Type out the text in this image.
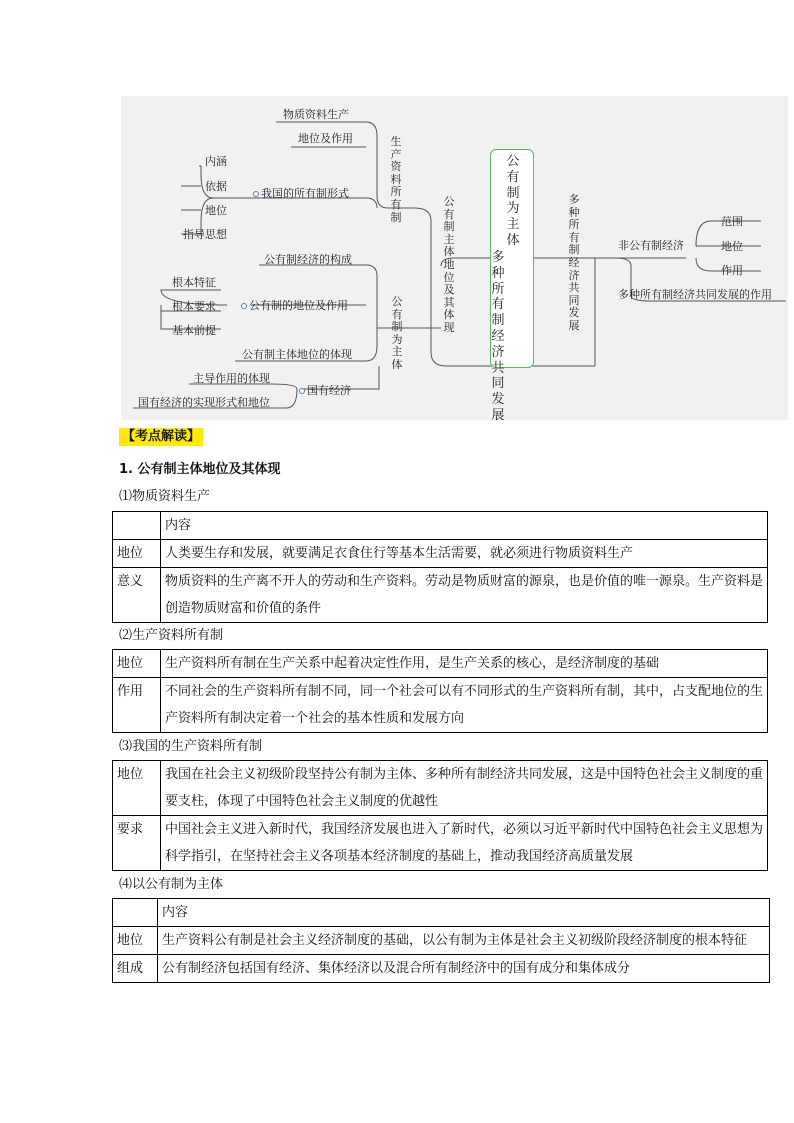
物质资料生产
地位及作用
我国的所有制形式
内涵
依据
地位
指导思想
生产资料所有制
公有制经济的构成
公有制的地位及作用
根本特征
根本要求
基本前提
公有制主体地位的体现
公有制为主体
国有经济
主导作用的体现
国有经济的实现形式和地位
公有制主体地位及其体现
公有制为主体
多种所有制经济共同发展
多种所有制经济共同发展
非公有制经济
范围
地位
作用
多种所有制经济共同发展的作用
【考点解读】
1. 公有制主体地位及其体现
⑴物质资料生产
	内容
地位	人类要生存和发展，就要满足衣食住行等基本生活需要，就必须进行物质资料生产
意义	物质资料的生产离不开人的劳动和生产资料。劳动是物质财富的源泉，也是价值的唯一源泉。生产资料是创造物质财富和价值的条件
⑵生产资料所有制
地位	生产资料所有制在生产关系中起着决定性作用，是生产关系的核心，是经济制度的基础
作用	不同社会的生产资料所有制不同，同一个社会可以有不同形式的生产资料所有制，其中，占支配地位的生产资料所有制决定着一个社会的基本性质和发展方向
⑶我国的生产资料所有制
地位	我国在社会主义初级阶段坚持公有制为主体、多种所有制经济共同发展，这是中国特色社会主义制度的重要支柱，体现了中国特色社会主义制度的优越性
要求	中国社会主义进入新时代，我国经济发展也进入了新时代，必须以习近平新时代中国特色社会主义思想为科学指引，在坚持社会主义各项基本经济制度的基础上，推动我国经济高质量发展
⑷以公有制为主体
	内容
地位	生产资料公有制是社会主义经济制度的基础，以公有制为主体是社会主义初级阶段经济制度的根本特征
组成	公有制经济包括国有经济、集体经济以及混合所有制经济中的国有成分和集体成分
